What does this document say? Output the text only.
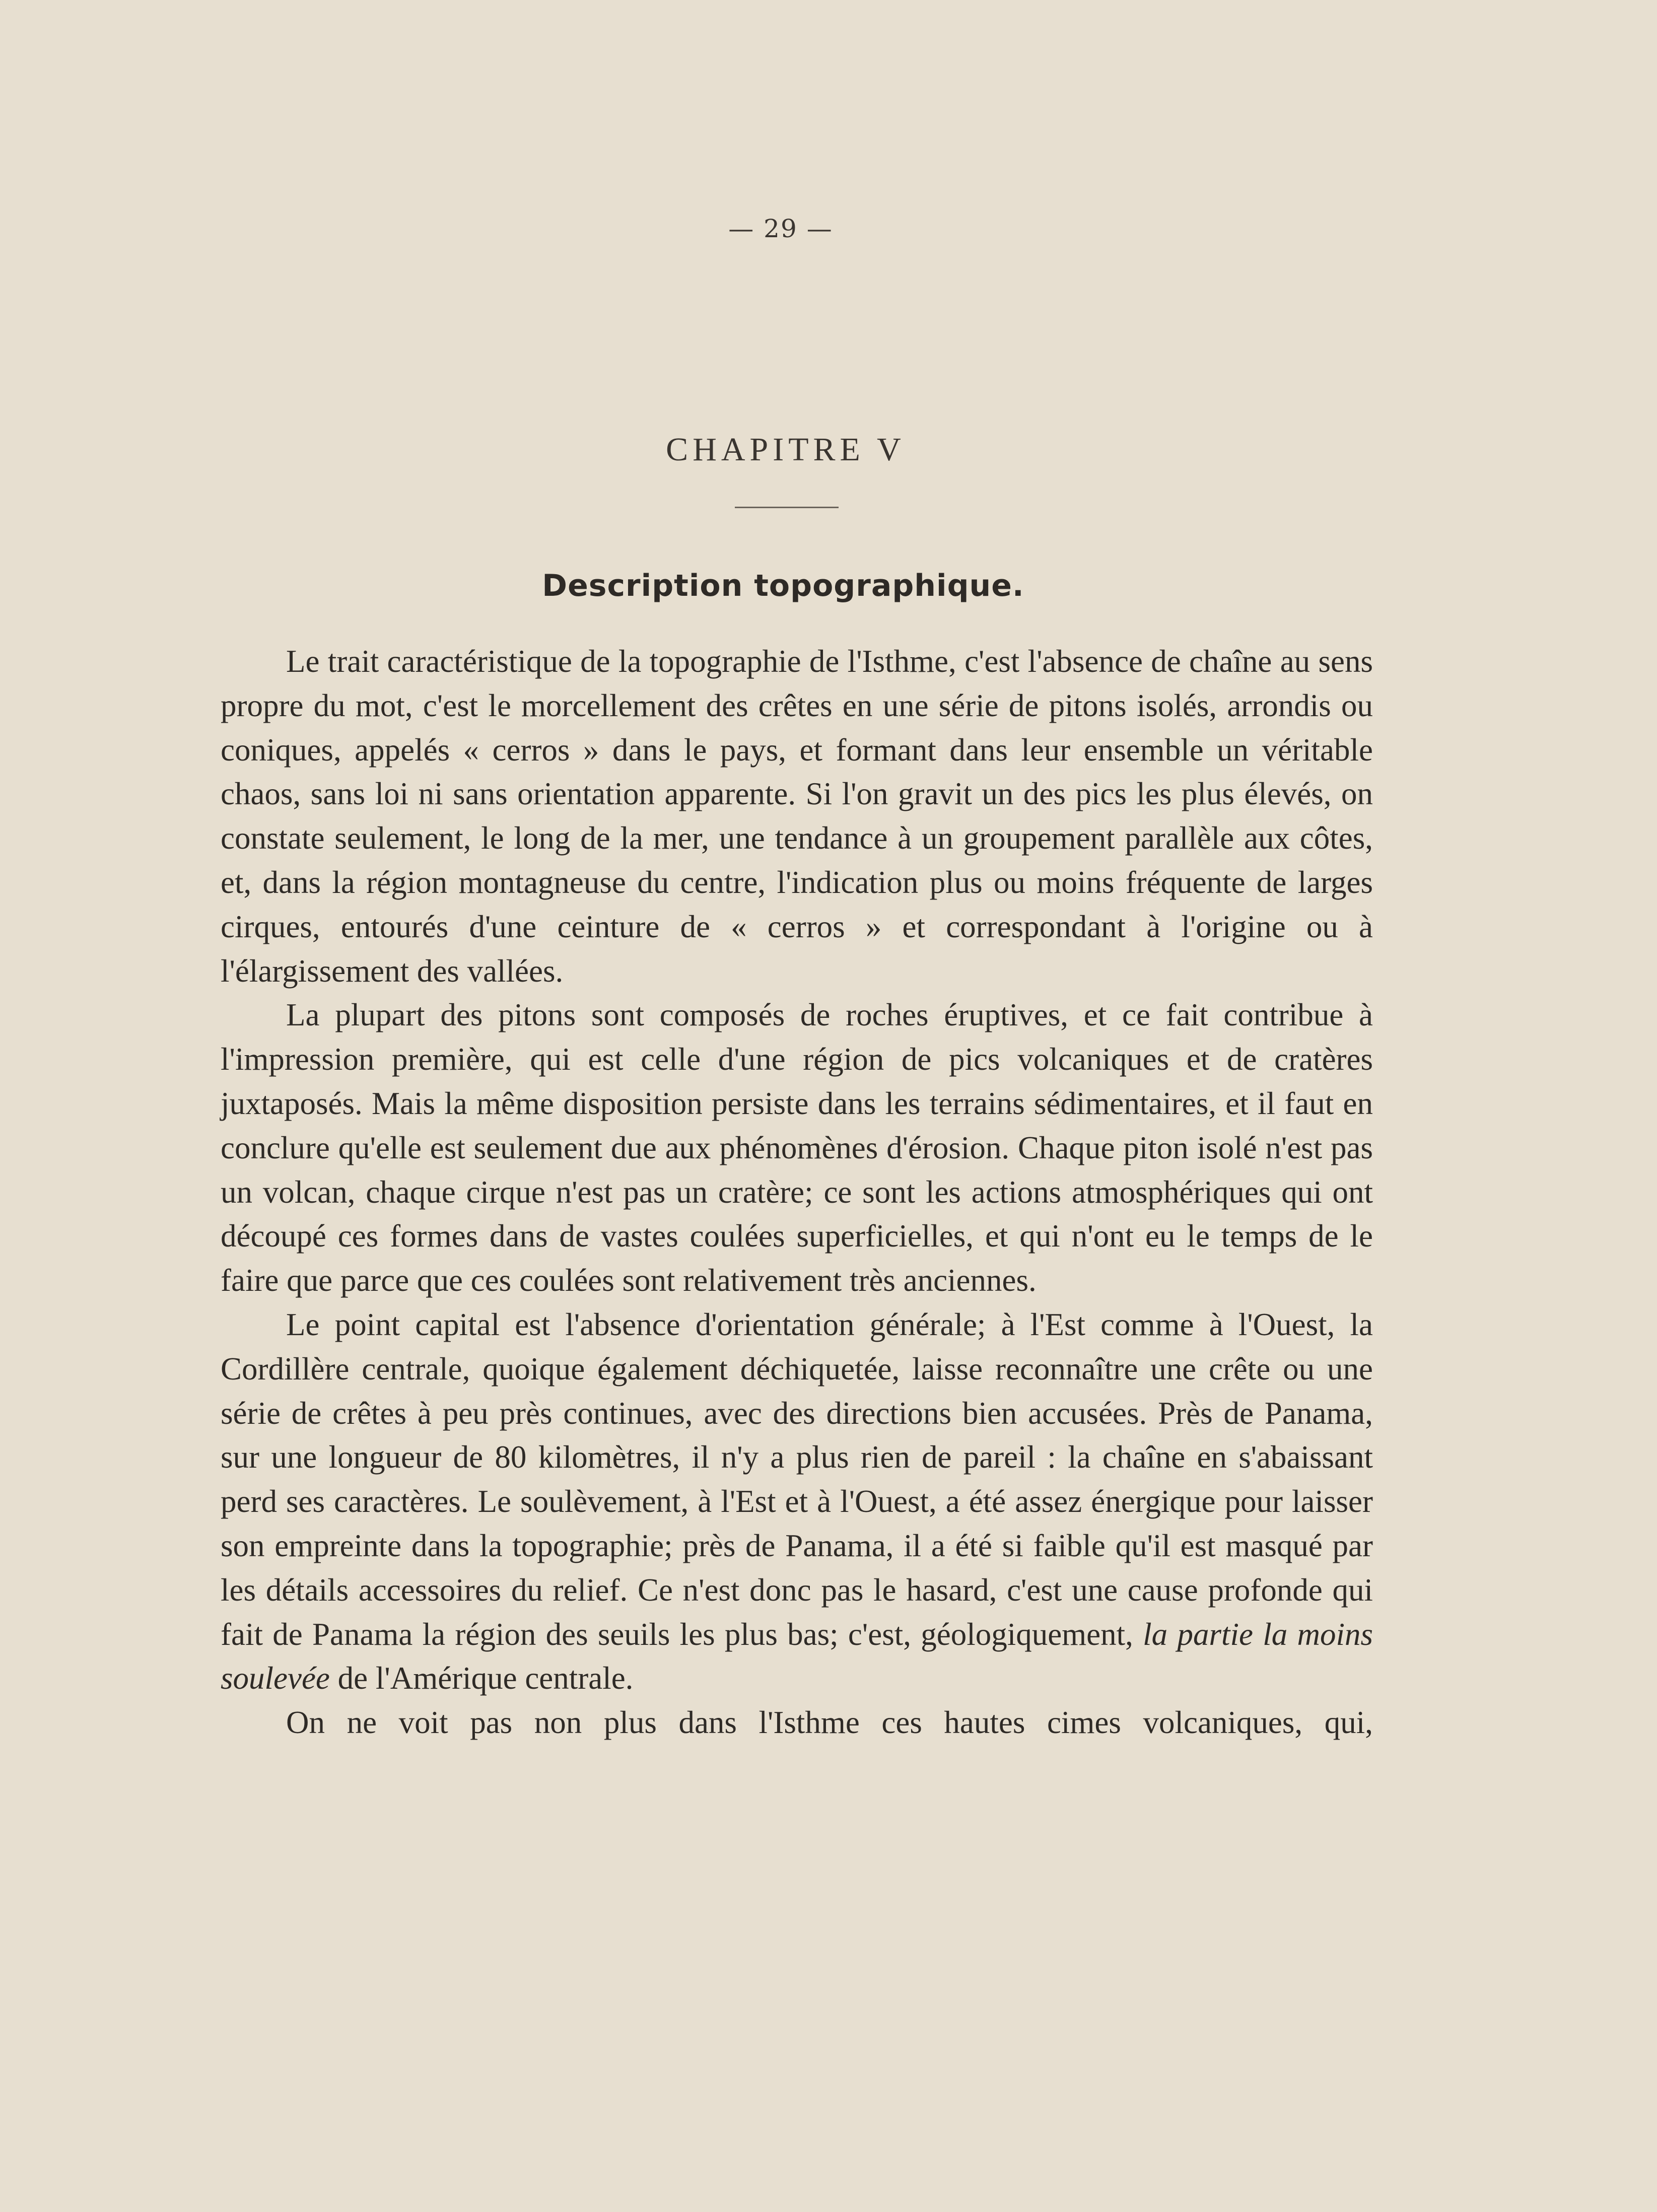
— 29 —
CHAPITRE V
Description topographique.

Le trait caractéristique de la topographie de l'Isthme, c'est l'absence de chaîne au sens propre du mot, c'est le morcellement des crêtes en une série de pitons isolés, arrondis ou coniques, appelés « cerros » dans le pays, et formant dans leur ensemble un véritable chaos, sans loi ni sans orientation apparente. Si l'on gravit un des pics les plus élevés, on constate seulement, le long de la mer, une tendance à un groupement parallèle aux côtes, et, dans la région montagneuse du centre, l'indication plus ou moins fréquente de larges cirques, entourés d'une ceinture de « cerros » et correspondant à l'origine ou à l'élargissement des vallées.

La plupart des pitons sont composés de roches éruptives, et ce fait contribue à l'impression première, qui est celle d'une région de pics volcaniques et de cratères juxtaposés. Mais la même disposition persiste dans les terrains sédimentaires, et il faut en conclure qu'elle est seulement due aux phénomènes d'érosion. Chaque piton isolé n'est pas un volcan, chaque cirque n'est pas un cratère; ce sont les actions atmosphériques qui ont découpé ces formes dans de vastes coulées superficielles, et qui n'ont eu le temps de le faire que parce que ces coulées sont relativement très anciennes.

Le point capital est l'absence d'orientation générale; à l'Est comme à l'Ouest, la Cordillère centrale, quoique également déchiquetée, laisse reconnaître une crête ou une série de crêtes à peu près continues, avec des directions bien accusées. Près de Panama, sur une longueur de 80 kilomètres, il n'y a plus rien de pareil : la chaîne en s'abaissant perd ses caractères. Le soulèvement, à l'Est et à l'Ouest, a été assez énergique pour laisser son empreinte dans la topographie; près de Panama, il a été si faible qu'il est masqué par les détails accessoires du relief. Ce n'est donc pas le hasard, c'est une cause profonde qui fait de Panama la région des seuils les plus bas; c'est, géologiquement, la partie la moins soulevée de l'Amérique centrale.

On ne voit pas non plus dans l'Isthme ces hautes cimes volcaniques, qui,
